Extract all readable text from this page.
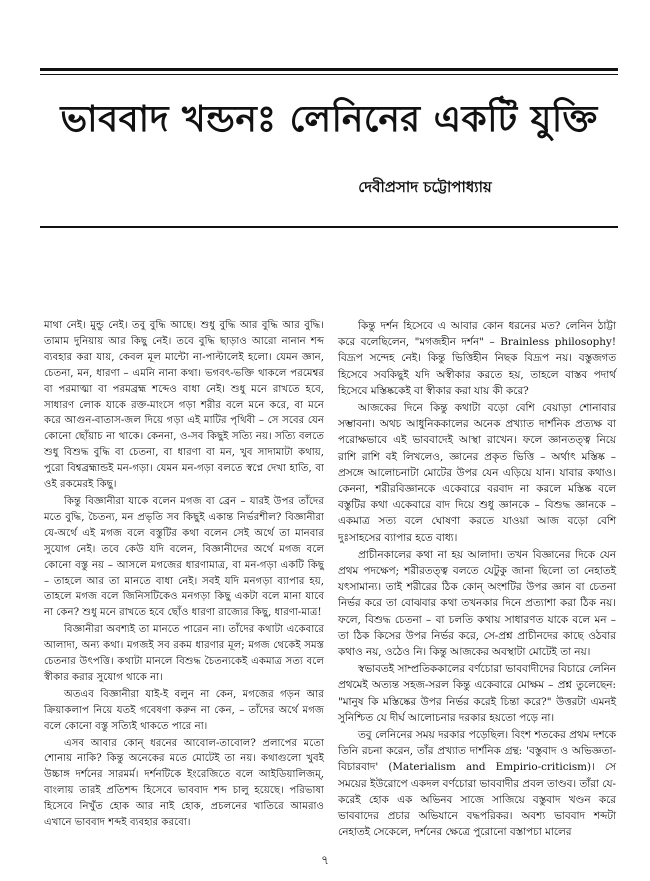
ভাববাদ খন্ডনঃ লেনিনের একটি যুক্তি
দেবীপ্রসাদ চট্টোপাধ্যায়

মাথা নেই। মুন্ডু নেই। তবু বুদ্ধি আছে। শুধু বুদ্ধি আর বুদ্ধি আর বুদ্ধি। তামাম দুনিয়ায় আর কিছু নেই। তবে বুদ্ধি ছাড়াও আরো নানান শব্দ ব্যবহার করা যায়, কেবল মূল মান্টো না-পাল্টালেই হলো। যেমন জ্ঞান, চেতনা, মন, ধারণা – এমনি নানা কথা। ভগবৎ-ভক্তি থাকলে পরমেশ্বর বা পরমাত্মা বা পরমব্রহ্ম শব্দেও বাধা নেই। শুধু মনে রাখতে হবে, সাধারণ লোক যাকে রক্ত-মাংসে গড়া শরীর বলে মনে করে, বা মনে করে আগুন-বাতাস-জল দিয়ে গড়া এই মাটির পৃথিবী – সে সবের যেন কোনো ছোঁয়াচ না থাকে। কেননা, ও-সব কিছুই সত্যি নয়। সত্যি বলতে শুধু বিশুদ্ধ বুদ্ধি বা চেতনা, বা ধারণা বা মন, খুব সাদামাটা কথায়, পুরো বিশ্বব্রহ্মান্ডই মন-গড়া। যেমন মন-গড়া বলতে স্বপ্নে দেখা হাতি, বা ওই রকমেরই কিছু।

কিন্তু বিজ্ঞানীরা যাকে বলেন মগজ বা ব্রেন – যারই উপর তাঁদের মতে বুদ্ধি, চৈতন্য, মন প্রভৃতি সব কিছুই একান্ত নির্ভরশীল? বিজ্ঞানীরা যে-অর্থে এই মগজ বলে বস্তুটির কথা বলেন সেই অর্থে তা মানবার সুযোগ নেই। তবে কেউ যদি বলেন, বিজ্ঞানীদের অর্থে মগজ বলে কোনো বস্তু নয় – আসলে মগজের ধারণামাত্র, বা মন-গড়া একটি কিছু – তাহলে আর তা মানতে বাধা নেই। সবই যদি মনগড়া ব্যাপার হয়, তাহলে মগজ বলে জিনিসটিকেও মনগড়া কিছু একটা বলে মানা যাবে না কেন? শুধু মনে রাখতে হবে ছোঁও ধারণা রাজ্যের কিছু, ধারণা-মাত্র!

বিজ্ঞানীরা অবশ্যই তা মানতে পারেন না। তাঁদের কথাটা একেবারে আলাদা, অন্য কথা। মগজই সব রকম ধারণার মূল; মগজ থেকেই সমস্ত চেতনার উৎপত্তি। কথাটা মানলে বিশুদ্ধ চৈতন্যকেই একমাত্র সত্য বলে স্বীকার করার সুযোগ থাকে না।

অতএব বিজ্ঞানীরা যাই-ই বলুন না কেন, মগজের গড়ন আর ক্রিয়াকলাপ নিয়ে যতই গবেষণা করুন না কেন, – তাঁদের অর্থে মগজ বলে কোনো বস্তু সত্যিই থাকতে পারে না।

এসব আবার কোন্ ধরনের আবোল-তাবোল? প্রলাপের মতো শোনায় নাকি? কিন্তু অনেকের মতে মোটেই তা নয়। কথাগুলো খুবই উচ্চাঙ্গ দর্শনের সারমর্ম। দর্শনটিকে ইংরেজিতে বলে আইডিয়ালিজম্, বাংলায় তারই প্রতিশব্দ হিসেবে ভাববাদ শব্দ চালু হয়েছে। পরিভাষা হিসেবে নিখুঁত হোক আর নাই হোক, প্রচলনের খাতিরে আমরাও এখানে ভাববাদ শব্দই ব্যবহার করবো।

কিন্তু দর্শন হিসেবে এ আবার কোন ধরনের মত? লেনিন ঠাট্টা করে বলেছিলেন, "মগজহীন দর্শন" – Brainless philosophy! বিদ্রূপ সন্দেহ নেই। কিন্তু ভিত্তিহীন নিছক বিদ্রূপ নয়। বস্তুজগত হিসেবে সবকিছুই যদি অস্বীকার করতে হয়, তাহলে বাস্তব পদার্থ হিসেবে মস্তিষ্ককেই বা স্বীকার করা যায় কী করে?

আজকের দিনে কিন্তু কথাটা বড়ো বেশি বেয়াড়া শোনাবার সম্ভাবনা। অথচ আধুনিককালের অনেক প্রখ্যাত দার্শনিক প্রত্যক্ষ বা পরোক্ষভাবে এই ভাববাদেই আস্থা রাখেন। ফলে জ্ঞানতত্ত্ব নিয়ে রাশি রাশি বই লিখলেও, জ্ঞানের প্রকৃত ভিত্তি – অর্থাৎ মস্তিষ্ক – প্রসঙ্গে আলোচনাটা মোটের উপর যেন এড়িয়ে যান। যাবার কথাও। কেননা, শরীরবিজ্ঞানকে একেবারে বরবাদ না করলে মস্তিষ্ক বলে বস্তুটির কথা একেবারে বাদ দিয়ে শুধু জ্ঞানকে – বিশুদ্ধ জ্ঞানকে – একমাত্র সত্য বলে ঘোষণা করতে যাওয়া আজ বড়ো বেশি দুঃসাহসের ব্যাপার হতে বাধ্য।

প্রাচীনকালের কথা না হয় আলাদা। তখন বিজ্ঞানের দিকে যেন প্রথম পদক্ষেপ; শরীরতত্ত্ব বলতে যেটুকু জানা ছিলো তা নেহাতই যৎসামান্য। তাই শরীরের ঠিক কোন্ অংশটির উপর জ্ঞান বা চেতনা নির্ভর করে তা বোঝবার কথা তখনকার দিনে প্রত্যাশা করা ঠিক নয়। ফলে, বিশুদ্ধ চেতনা – বা চলতি কথায় সাধারণত যাকে বলে মন – তা ঠিক কিসের উপর নির্ভর করে, সে-প্রশ্ন প্রাচীনদের কাছে ওঠবার কথাও নয়, ওঠেও নি। কিন্তু আজকের অবস্থাটা মোটেই তা নয়।

স্বভাবতই সাম্প্রতিককালের বর্ণচোরা ভাববাদীদের বিচারে লেনিন প্রথমেই অত্যন্ত সহজ-সরল কিন্তু একেবারে মোক্ষম – প্রশ্ন তুলেছেন: "মানুষ কি মস্তিষ্কের উপর নির্ভর করেই চিন্তা করে?" উত্তরটা এমনই সুনিশ্চিত যে দীর্ঘ আলোচনার দরকার হয়তো পড়ে না।

তবু লেনিনের সময় দরকার পড়েছিল। বিংশ শতকের প্রথম দশকে তিনি রচনা করেন, তাঁর প্রখ্যাত দার্শনিক গ্রন্থ: 'বস্তুবাদ ও অভিজ্ঞতা-বিচারবাদ' (Materialism and Empirio-criticism)। সে সময়ের ইউরোপে একদল বর্ণচোরা ভাববাদীর প্রবল তাণ্ডব। তাঁরা যে-করেই হোক এক অভিনব সাজে সাজিয়ে বস্তুবাদ খণ্ডন করে ভাববাদের প্রচার অভিযানে বদ্ধপরিকর। অবশ্য ভাববাদ শব্দটা নেহাতই সেকেলে, দর্শনের ক্ষেত্রে পুরোনো বস্তাপচা মালের

৭
